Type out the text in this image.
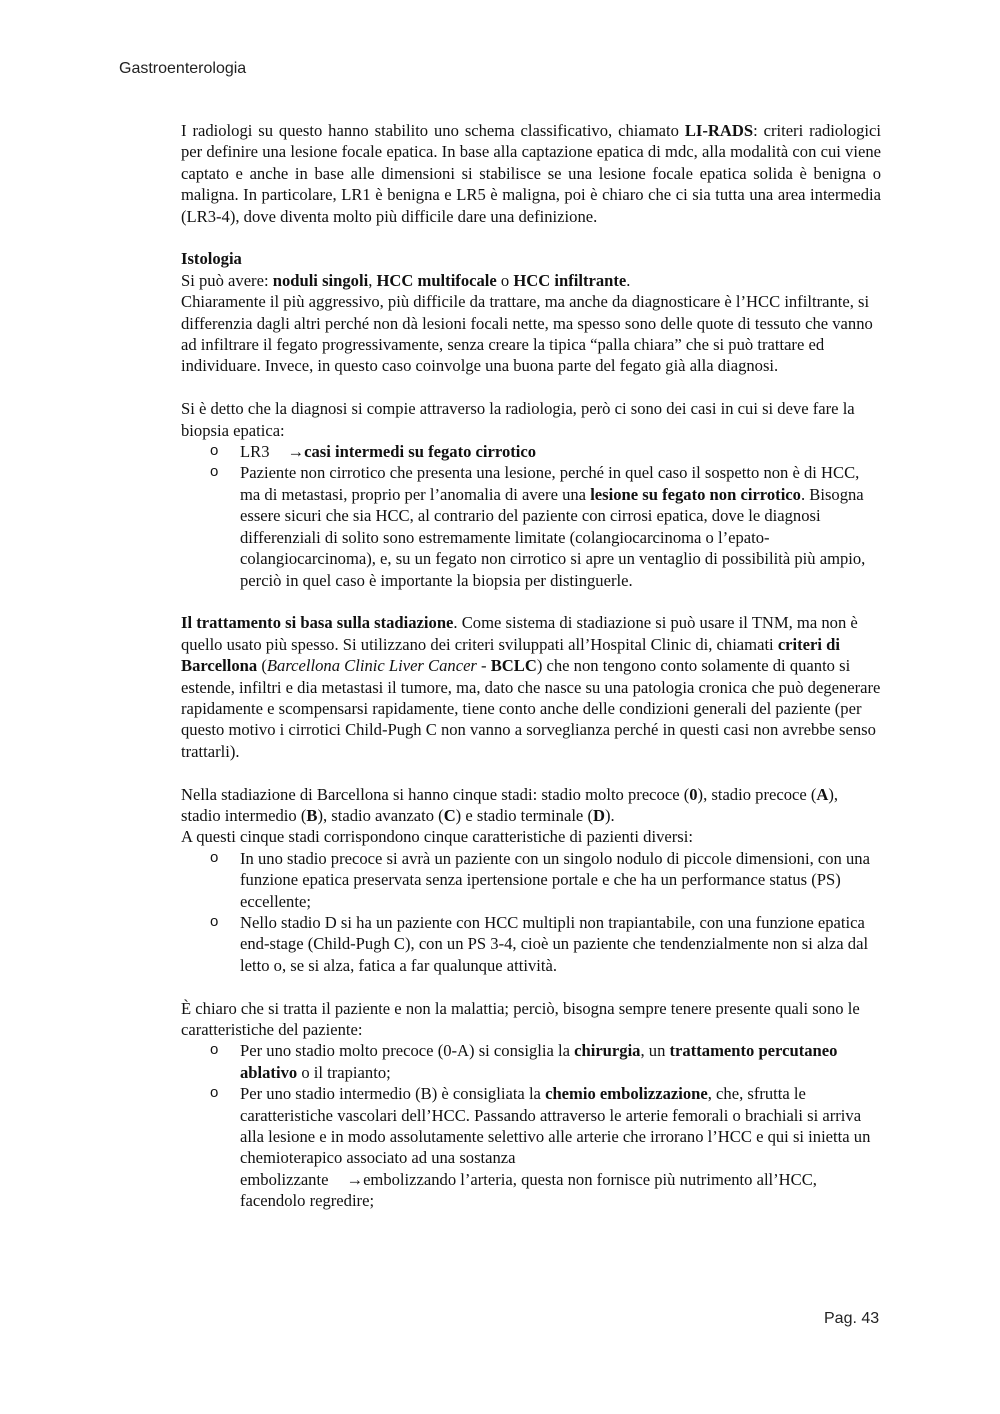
Gastroenterologia

I radiologi su questo hanno stabilito uno schema classificativo, chiamato LI-RADS: criteri radiologici per definire una lesione focale epatica. In base alla captazione epatica di mdc, alla modalità con cui viene captato e anche in base alle dimensioni si stabilisce se una lesione focale epatica solida è benigna o maligna. In particolare, LR1 è benigna e LR5 è maligna, poi è chiaro che ci sia tutta una area intermedia (LR3-4), dove diventa molto più difficile dare una definizione.

Istologia

Si può avere: noduli singoli, HCC multifocale o HCC infiltrante.

Chiaramente il più aggressivo, più difficile da trattare, ma anche da diagnosticare è l’HCC infiltrante, si differenzia dagli altri perché non dà lesioni focali nette, ma spesso sono delle quote di tessuto che vanno ad infiltrare il fegato progressivamente, senza creare la tipica “palla chiara” che si può trattare ed individuare. Invece, in questo caso coinvolge una buona parte del fegato già alla diagnosi.

Si è detto che la diagnosi si compie attraverso la radiologia, però ci sono dei casi in cui si deve fare la biopsia epatica:

o LR3 →casi intermedi su fegato cirrotico
o Paziente non cirrotico che presenta una lesione, perché in quel caso il sospetto non è di HCC, ma di metastasi, proprio per l’anomalia di avere una lesione su fegato non cirrotico. Bisogna essere sicuri che sia HCC, al contrario del paziente con cirrosi epatica, dove le diagnosi differenziali di solito sono estremamente limitate (colangiocarcinoma o l’epato-colangiocarcinoma), e, su un fegato non cirrotico si apre un ventaglio di possibilità più ampio, perciò in quel caso è importante la biopsia per distinguerle.

Il trattamento si basa sulla stadiazione. Come sistema di stadiazione si può usare il TNM, ma non è quello usato più spesso. Si utilizzano dei criteri sviluppati all’Hospital Clinic di, chiamati criteri di Barcellona (Barcellona Clinic Liver Cancer - BCLC) che non tengono conto solamente di quanto si estende, infiltri e dia metastasi il tumore, ma, dato che nasce su una patologia cronica che può degenerare rapidamente e scompensarsi rapidamente, tiene conto anche delle condizioni generali del paziente (per questo motivo i cirrotici Child-Pugh C non vanno a sorveglianza perché in questi casi non avrebbe senso trattarli).

Nella stadiazione di Barcellona si hanno cinque stadi: stadio molto precoce (0), stadio precoce (A), stadio intermedio (B), stadio avanzato (C) e stadio terminale (D).

A questi cinque stadi corrispondono cinque caratteristiche di pazienti diversi:

o In uno stadio precoce si avrà un paziente con un singolo nodulo di piccole dimensioni, con una funzione epatica preservata senza ipertensione portale e che ha un performance status (PS) eccellente;
o Nello stadio D si ha un paziente con HCC multipli non trapiantabile, con una funzione epatica end-stage (Child-Pugh C), con un PS 3-4, cioè un paziente che tendenzialmente non si alza dal letto o, se si alza, fatica a far qualunque attività.

È chiaro che si tratta il paziente e non la malattia; perciò, bisogna sempre tenere presente quali sono le caratteristiche del paziente:

o Per uno stadio molto precoce (0-A) si consiglia la chirurgia, un trattamento percutaneo ablativo o il trapianto;
o Per uno stadio intermedio (B) è consigliata la chemio embolizzazione, che, sfrutta le caratteristiche vascolari dell’HCC. Passando attraverso le arterie femorali o brachiali si arriva alla lesione e in modo assolutamente selettivo alle arterie che irrorano l’HCC e qui si inietta un chemioterapico associato ad una sostanza
embolizzante →embolizzando l’arteria, questa non fornisce più nutrimento all’HCC, facendolo regredire;
Pag. 43
